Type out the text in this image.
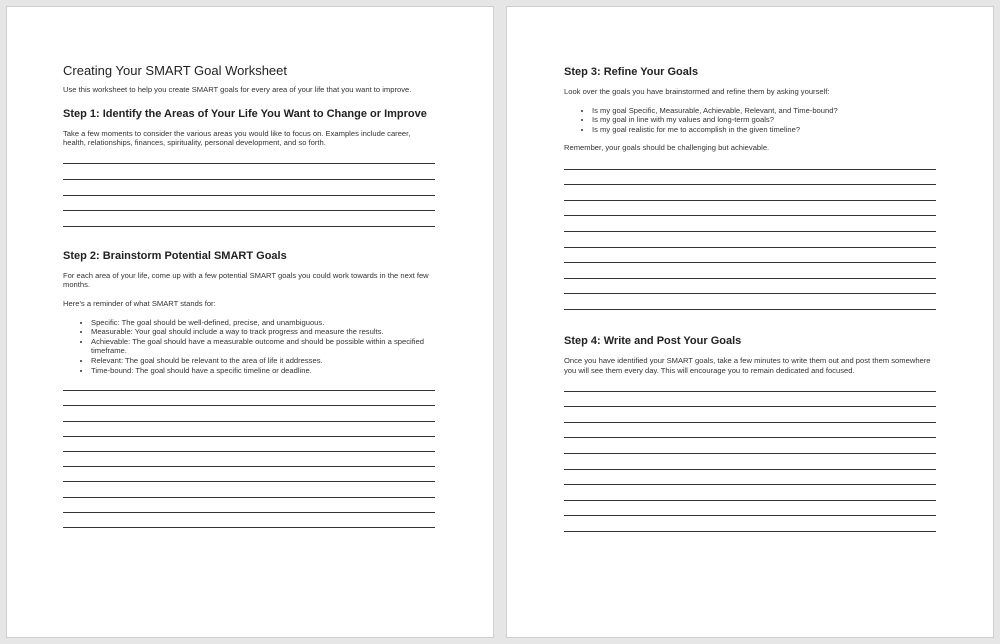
Creating Your SMART Goal Worksheet

Use this worksheet to help you create SMART goals for every area of your life that you want to improve.

Step 1: Identify the Areas of Your Life You Want to Change or Improve

Take a few moments to consider the various areas you would like to focus on. Examples include career, health, relationships, finances, spirituality, personal development, and so forth.

Step 2: Brainstorm Potential SMART Goals

For each area of your life, come up with a few potential SMART goals you could work towards in the next few months.

Here's a reminder of what SMART stands for:

• Specific: The goal should be well-defined, precise, and unambiguous.
• Measurable: Your goal should include a way to track progress and measure the results.
• Achievable: The goal should have a measurable outcome and should be possible within a specified timeframe.
• Relevant: The goal should be relevant to the area of life it addresses.
• Time-bound: The goal should have a specific timeline or deadline.
Step 3: Refine Your Goals

Look over the goals you have brainstormed and refine them by asking yourself:

• Is my goal Specific, Measurable, Achievable, Relevant, and Time-bound?
• Is my goal in line with my values and long-term goals?
• Is my goal realistic for me to accomplish in the given timeline?

Remember, your goals should be challenging but achievable.

Step 4: Write and Post Your Goals

Once you have identified your SMART goals, take a few minutes to write them out and post them somewhere you will see them every day. This will encourage you to remain dedicated and focused.
